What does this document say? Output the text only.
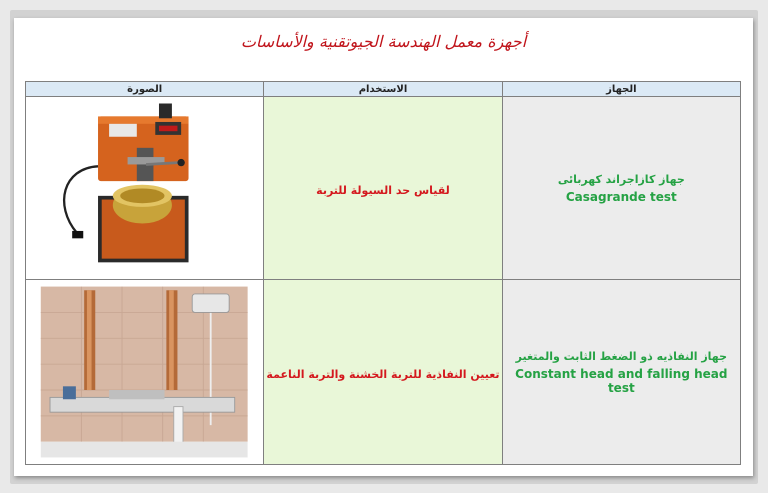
أجهزة معمل الهندسة الجيوتقنية والأساسات
الصورة	الاستخدام	الجهاز

	لقياس حد السيولة للتربة	جهاز كازاجراند كهربائى
Casagrande test

	تعيين النفاذية للتربة الخشنة والتربة الناعمة	جهاز النفاذيه ذو الضغط الثابت والمتغير
Constant head and falling head test
